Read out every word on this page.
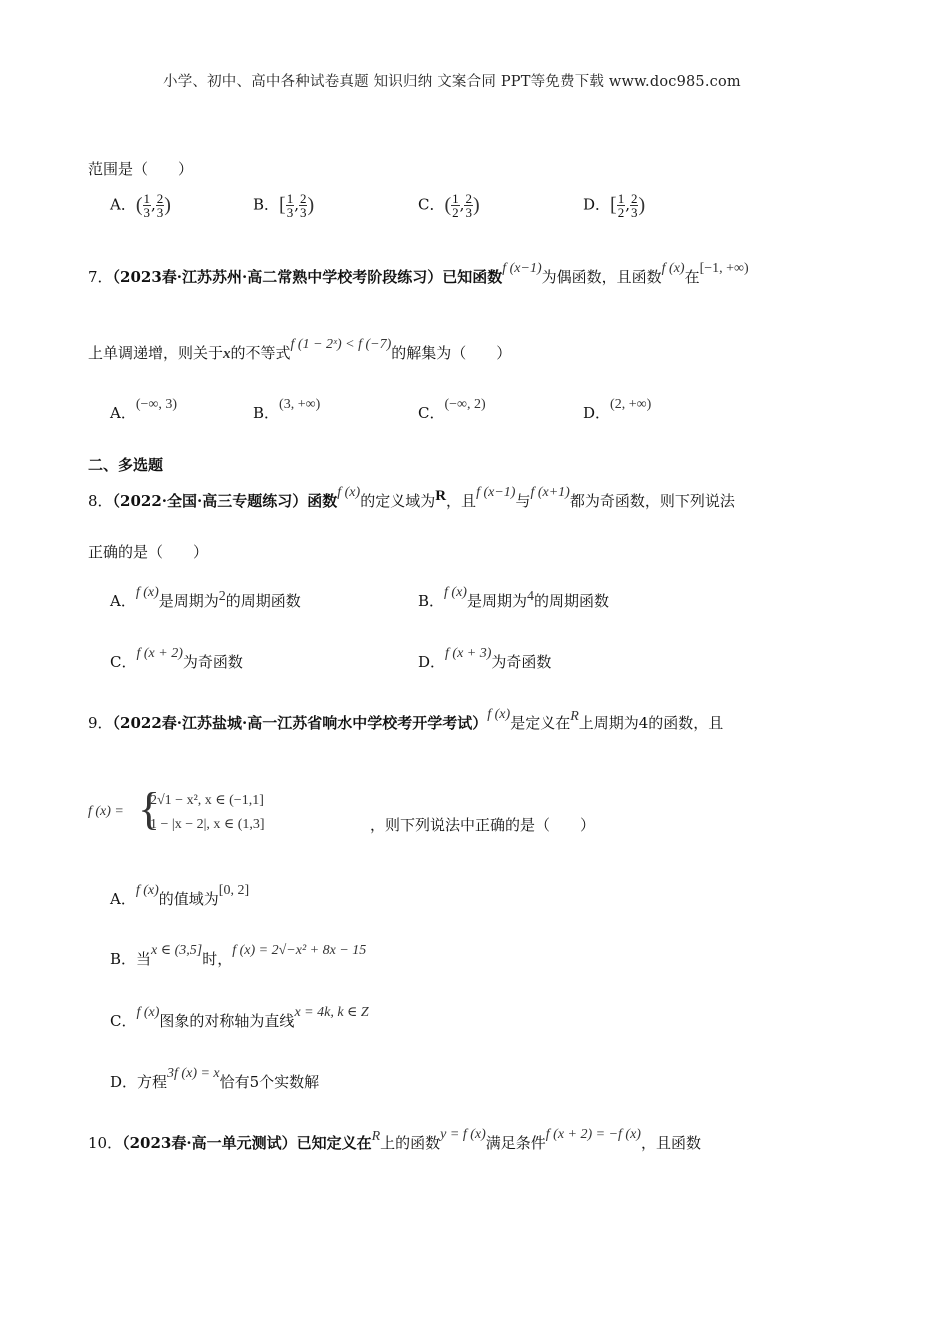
小学、初中、高中各种试卷真题 知识归纳 文案合同 PPT等免费下载 www.doc985.com
范围是（　　）
A．( $\frac{1}{3}$ , $\frac{2}{3}$ )	B．[ $\frac{1}{3}$ , $\frac{2}{3}$ )	C．( $\frac{1}{2}$ , $\frac{2}{3}$ )	D．[ $\frac{1}{2}$ , $\frac{2}{3}$ )
7．（2023春·江苏苏州·高二常熟中学校考阶段练习）已知函数f (x−1)为偶函数，且函数f (x)在[−1, +∞)
上单调递增，则关于x的不等式f (1 − 2ˣ) < f (−7)的解集为（　　）
A．(−∞, 3)	B．(3, +∞)	C．(−∞, 2)	D．(2, +∞)
二、多选题
8．（2022·全国·高三专题练习）函数f (x)的定义域为R，且f (x−1)与f (x+1)都为奇函数，则下列说法
正确的是（　　）
A．f (x)是周期为2的周期函数	B．f (x)是周期为4的周期函数
C．f (x + 2)为奇函数	D．f (x + 3)为奇函数
9．（2022春·江苏盐城·高一江苏省响水中学校考开学考试）f (x)是定义在R上周期为4的函数，且
f (x) = {
2√1 − x², x ∈ (−1,1]
1 − |x − 2|, x ∈ (1,3]	，则下列说法中正确的是（　　）
A．f (x)的值域为[0, 2]
B．当x ∈ (3,5]时，f (x) = 2√−x² + 8x − 15
C．f (x)图象的对称轴为直线x = 4k, k ∈ Z
D．方程3f (x) = x恰有5个实数解
10．（2023春·高一单元测试）已知定义在R上的函数y = f (x)满足条件f (x + 2) = −f (x)，且函数
